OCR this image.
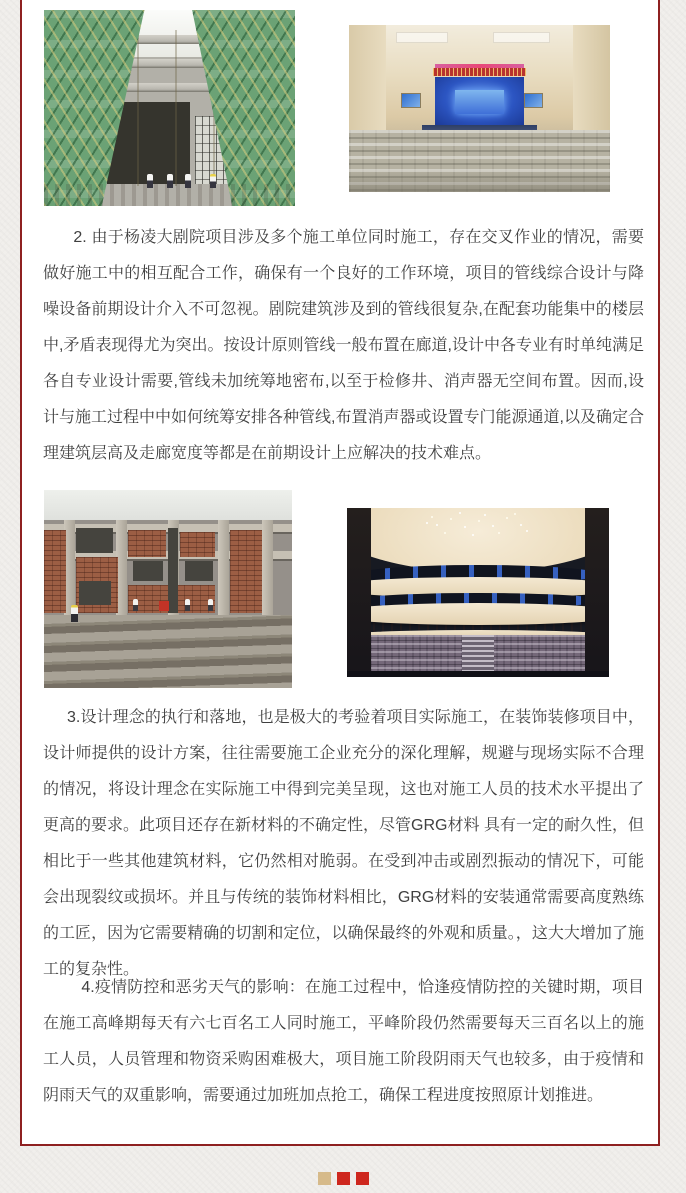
2. 由于杨凌大剧院项目涉及多个施工单位同时施工，存在交叉作业的情况，需要做好施工中的相互配合工作，确保有一个良好的工作环境，项目的管线综合设计与降噪设备前期设计介入不可忽视。剧院建筑涉及到的管线很复杂,在配套功能集中的楼层中,矛盾表现得尤为突出。按设计原则管线一般布置在廊道,设计中各专业有时单纯满足各自专业设计需要,管线未加统筹地密布,以至于检修井、消声器无空间布置。因而,设计与施工过程中中如何统筹安排各种管线,布置消声器或设置专门能源通道,以及确定合理建筑层高及走廊宽度等都是在前期设计上应解决的技术难点。

3.设计理念的执行和落地，也是极大的考验着项目实际施工，在装饰装修项目中，设计师提供的设计方案，往往需要施工企业充分的深化理解，规避与现场实际不合理的情况，将设计理念在实际施工中得到完美呈现，这也对施工人员的技术水平提出了更高的要求。此项目还存在新材料的不确定性，尽管GRG材料 具有一定的耐久性，但相比于一些其他建筑材料，它仍然相对脆弱。在受到冲击或剧烈振动的情况下，可能会出现裂纹或损坏。并且与传统的装饰材料相比，GRG材料的安装通常需要高度熟练的工匠，因为它需要精确的切割和定位，以确保最终的外观和质量。，这大大增加了施工的复杂性。

4.疫情防控和恶劣天气的影响：在施工过程中，恰逢疫情防控的关键时期，项目在施工高峰期每天有六七百名工人同时施工，平峰阶段仍然需要每天三百名以上的施工人员，人员管理和物资采购困难极大，项目施工阶段阴雨天气也较多，由于疫情和阴雨天气的双重影响，需要通过加班加点抢工，确保工程进度按照原计划推进。
